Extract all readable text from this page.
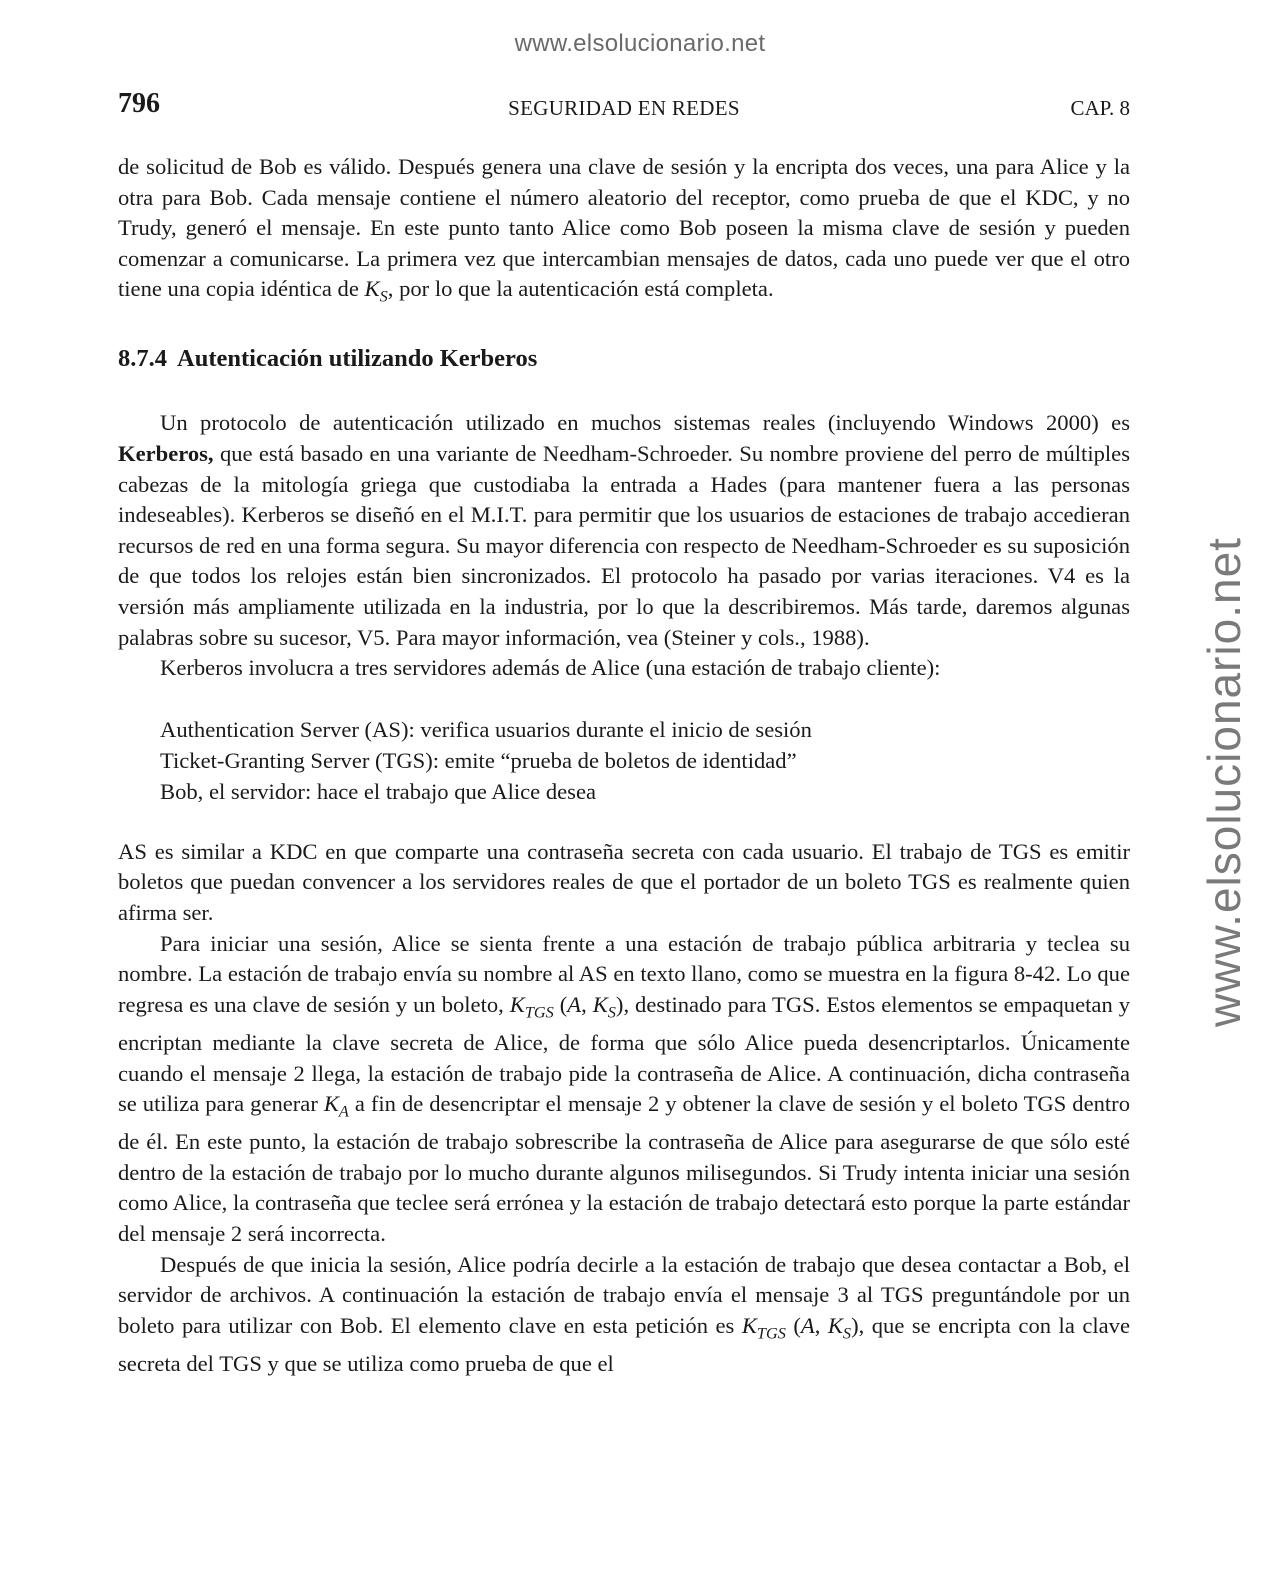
www.elsolucionario.net
www.elsolucionario.net
796	SEGURIDAD EN REDES	CAP. 8

de solicitud de Bob es válido. Después genera una clave de sesión y la encripta dos veces, una para Alice y la otra para Bob. Cada mensaje contiene el número aleatorio del receptor, como prueba de que el KDC, y no Trudy, generó el mensaje. En este punto tanto Alice como Bob poseen la misma clave de sesión y pueden comenzar a comunicarse. La primera vez que intercambian mensajes de datos, cada uno puede ver que el otro tiene una copia idéntica de $K_S$, por lo que la autenticación está completa.

8.7.4 Autenticación utilizando Kerberos

Un protocolo de autenticación utilizado en muchos sistemas reales (incluyendo Windows 2000) es Kerberos, que está basado en una variante de Needham-Schroeder. Su nombre proviene del perro de múltiples cabezas de la mitología griega que custodiaba la entrada a Hades (para mantener fuera a las personas indeseables). Kerberos se diseñó en el M.I.T. para permitir que los usuarios de estaciones de trabajo accedieran recursos de red en una forma segura. Su mayor diferencia con respecto de Needham-Schroeder es su suposición de que todos los relojes están bien sincronizados. El protocolo ha pasado por varias iteraciones. V4 es la versión más ampliamente utilizada en la industria, por lo que la describiremos. Más tarde, daremos algunas palabras sobre su sucesor, V5. Para mayor información, vea (Steiner y cols., 1988).

Kerberos involucra a tres servidores además de Alice (una estación de trabajo cliente):

Authentication Server (AS): verifica usuarios durante el inicio de sesión
Ticket-Granting Server (TGS): emite “prueba de boletos de identidad”
Bob, el servidor: hace el trabajo que Alice desea

AS es similar a KDC en que comparte una contraseña secreta con cada usuario. El trabajo de TGS es emitir boletos que puedan convencer a los servidores reales de que el portador de un boleto TGS es realmente quien afirma ser.

Para iniciar una sesión, Alice se sienta frente a una estación de trabajo pública arbitraria y teclea su nombre. La estación de trabajo envía su nombre al AS en texto llano, como se muestra en la figura 8-42. Lo que regresa es una clave de sesión y un boleto, $K_{TGS}$ (A, $K_S$), destinado para TGS. Estos elementos se empaquetan y encriptan mediante la clave secreta de Alice, de forma que sólo Alice pueda desencriptarlos. Únicamente cuando el mensaje 2 llega, la estación de trabajo pide la contraseña de Alice. A continuación, dicha contraseña se utiliza para generar $K_A$ a fin de desencriptar el mensaje 2 y obtener la clave de sesión y el boleto TGS dentro de él. En este punto, la estación de trabajo sobrescribe la contraseña de Alice para asegurarse de que sólo esté dentro de la estación de trabajo por lo mucho durante algunos milisegundos. Si Trudy intenta iniciar una sesión como Alice, la contraseña que teclee será errónea y la estación de trabajo detectará esto porque la parte estándar del mensaje 2 será incorrecta.

Después de que inicia la sesión, Alice podría decirle a la estación de trabajo que desea contactar a Bob, el servidor de archivos. A continuación la estación de trabajo envía el mensaje 3 al TGS preguntándole por un boleto para utilizar con Bob. El elemento clave en esta petición es $K_{TGS}$ (A, $K_S$), que se encripta con la clave secreta del TGS y que se utiliza como prueba de que el
